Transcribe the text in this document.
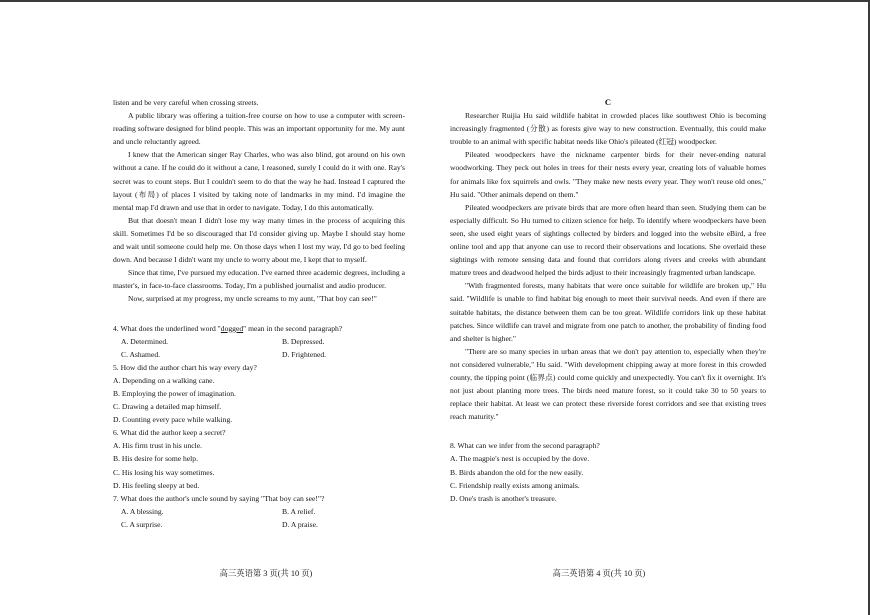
listen and be very careful when crossing streets.

A public library was offering a tuition-free course on how to use a computer with screen-reading software designed for blind people. This was an important opportunity for me. My aunt and uncle reluctantly agreed.

I knew that the American singer Ray Charles, who was also blind, got around on his own without a cane. If he could do it without a cane, I reasoned, surely I could do it with one. Ray's secret was to count steps. But I couldn't seem to do that the way he had. Instead I captured the layout (布局) of places I visited by taking note of landmarks in my mind. I'd imagine the mental map I'd drawn and use that in order to navigate. Today, I do this automatically.

But that doesn't mean I didn't lose my way many times in the process of acquiring this skill. Sometimes I'd be so discouraged that I'd consider giving up. Maybe I should stay home and wait until someone could help me. On those days when I lost my way, I'd go to bed feeling down. And because I didn't want my uncle to worry about me, I kept that to myself.

Since that time, I've pursued my education. I've earned three academic degrees, including a master's, in face-to-face classrooms. Today, I'm a published journalist and audio producer.

Now, surprised at my progress, my uncle screams to my aunt, "That boy can see!"

4. What does the underlined word "dogged" mean in the second paragraph?

A. Determined.	B. Depressed.
C. Ashamed.	D. Frightened.

5. How did the author chart his way every day?

A. Depending on a walking cane.

B. Employing the power of imagination.

C. Drawing a detailed map himself.

D. Counting every pace while walking.

6. What did the author keep a secret?

A. His firm trust in his uncle.

B. His desire for some help.

C. His losing his way sometimes.

D. His feeling sleepy at bed.

7. What does the author's uncle sound by saying "That boy can see!"?

A. A blessing.	B. A relief.
C. A surprise.	D. A praise.

C

Researcher Ruijia Hu said wildlife habitat in crowded places like southwest Ohio is becoming increasingly fragmented (分散) as forests give way to new construction. Eventually, this could make trouble to an animal with specific habitat needs like Ohio's pileated (红冠) woodpecker.

Pileated woodpeckers have the nickname carpenter birds for their never-ending natural woodworking. They peck out holes in trees for their nests every year, creating lots of valuable homes for animals like fox squirrels and owls. "They make new nests every year. They won't reuse old ones," Hu said. "Other animals depend on them."

Pileated woodpeckers are private birds that are more often heard than seen. Studying them can be especially difficult. So Hu turned to citizen science for help. To identify where woodpeckers have been seen, she used eight years of sightings collected by birders and logged into the website eBird, a free online tool and app that anyone can use to record their observations and locations. She overlaid these sightings with remote sensing data and found that corridors along rivers and creeks with abundant mature trees and deadwood helped the birds adjust to their increasingly fragmented urban landscape.

"With fragmented forests, many habitats that were once suitable for wildlife are broken up," Hu said. "Wildlife is unable to find habitat big enough to meet their survival needs. And even if there are suitable habitats, the distance between them can be too great. Wildlife corridors link up these habitat patches. Since wildlife can travel and migrate from one patch to another, the probability of finding food and shelter is higher."

"There are so many species in urban areas that we don't pay attention to, especially when they're not considered vulnerable," Hu said. "With development chipping away at more forest in this crowded county, the tipping point (临界点) could come quickly and unexpectedly. You can't fix it overnight. It's not just about planting more trees. The birds need mature forest, so it could take 30 to 50 years to replace their habitat. At least we can protect these riverside forest corridors and see that existing trees reach maturity."

8. What can we infer from the second paragraph?

A. The magpie's nest is occupied by the dove.

B. Birds abandon the old for the new easily.

C. Friendship really exists among animals.

D. One's trash is another's treasure.

高三英语第 3 页(共 10 页)	高三英语第 4 页(共 10 页)
